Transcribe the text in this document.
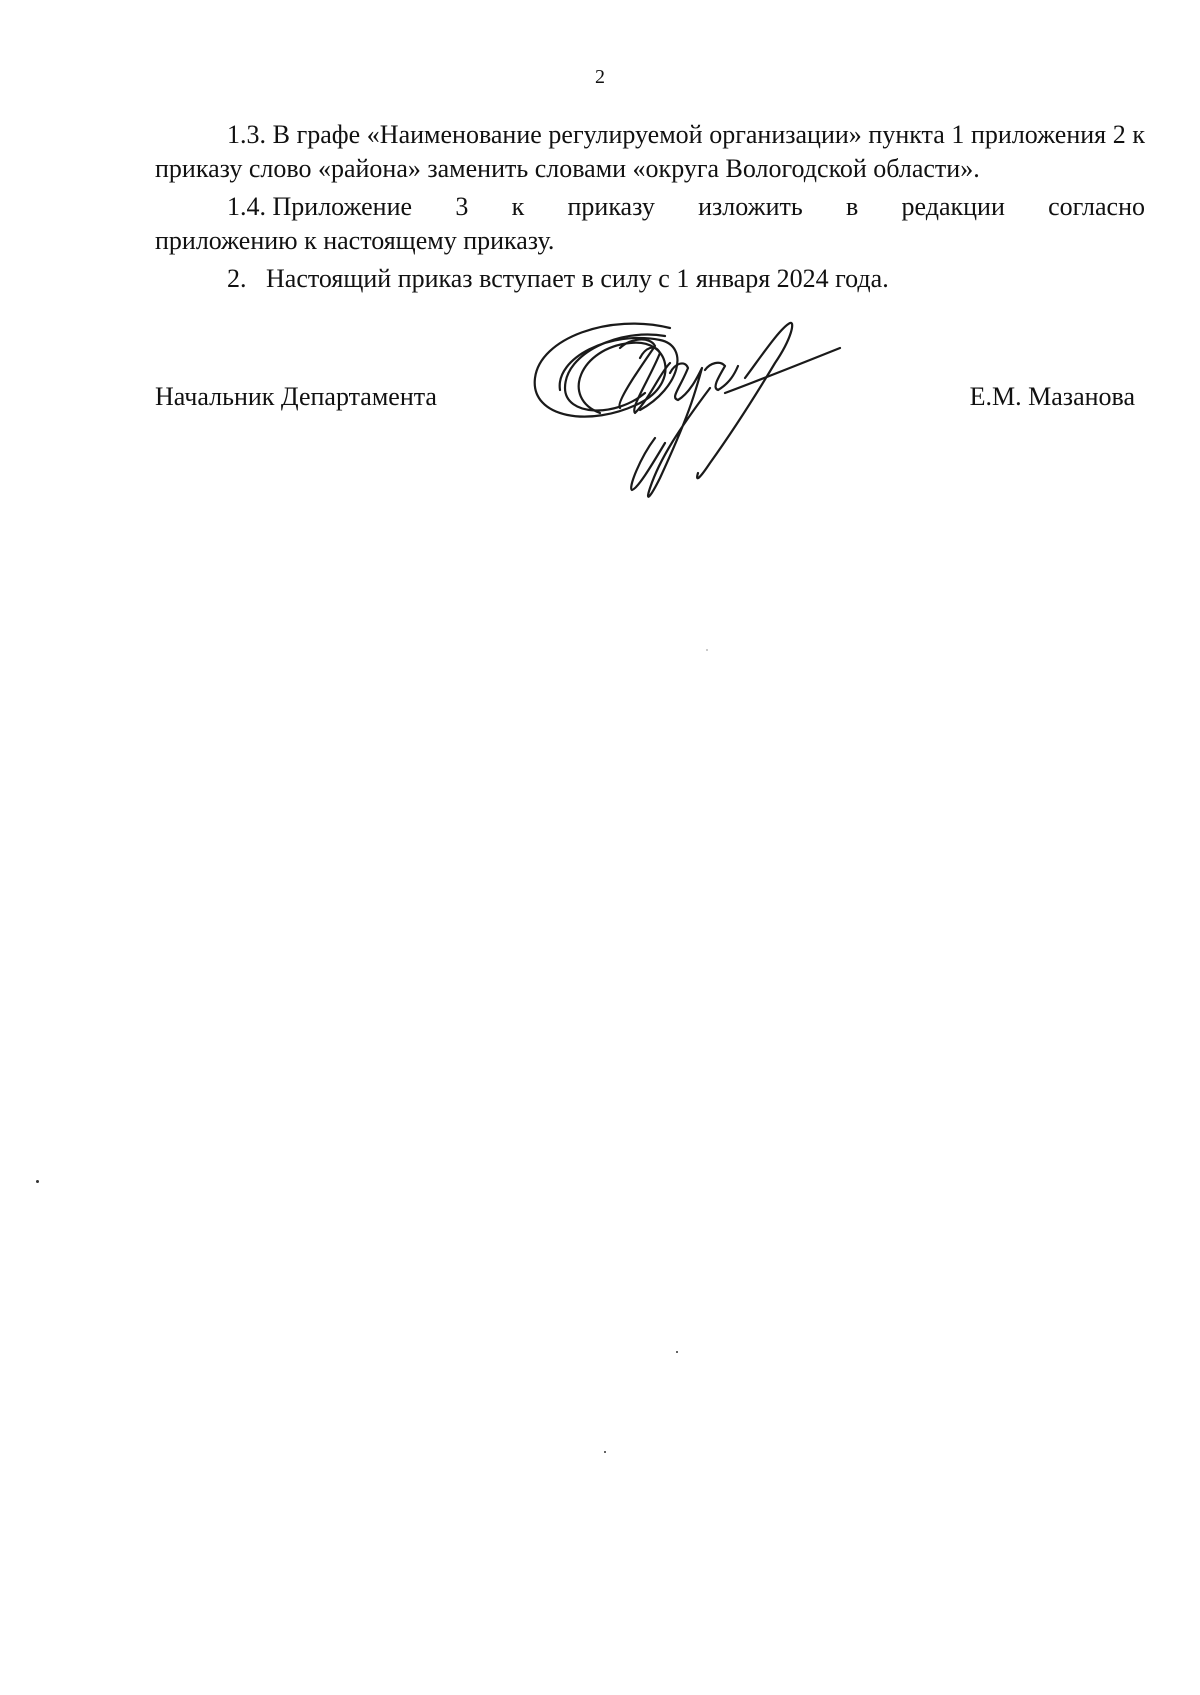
2

1.3. В графе «Наименование регулируемой организации» пункта 1 приложения 2 к приказу слово «района» заменить словами «округа Вологодской области».

1.4. Приложение 3 к приказу изложить в редакции согласно
приложению к настоящему приказу.

2.   Настоящий приказ вступает в силу с 1 января 2024 года.

Начальник Департамента	Е.М. Мазанова
